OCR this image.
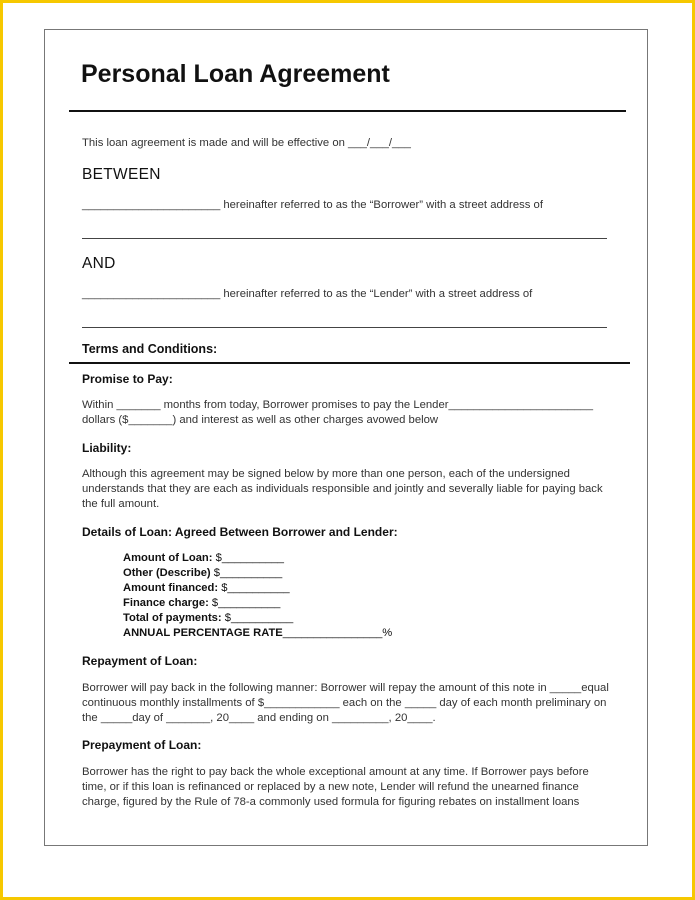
Personal Loan Agreement
This loan agreement is made and will be effective on ___/___/___
BETWEEN
______________________ hereinafter referred to as the “Borrower” with a street address of
AND
______________________ hereinafter referred to as the “Lender” with a street address of
Terms and Conditions:
Promise to Pay:
Within _______ months from today, Borrower promises to pay the Lender_______________________
dollars ($_______) and interest as well as other charges avowed below
Liability:
Although this agreement may be signed below by more than one person, each of the undersigned
understands that they are each as individuals responsible and jointly and severally liable for paying back
the full amount.
Details of Loan: Agreed Between Borrower and Lender:
Amount of Loan: $__________
Other (Describe) $__________
Amount financed: $__________
Finance charge: $__________
Total of payments: $__________
ANNUAL PERCENTAGE RATE________________%
Repayment of Loan:
Borrower will pay back in the following manner: Borrower will repay the amount of this note in _____equal
continuous monthly installments of $____________ each on the _____ day of each month preliminary on
the _____day of _______, 20____ and ending on _________, 20____.
Prepayment of Loan:
Borrower has the right to pay back the whole exceptional amount at any time. If Borrower pays before
time, or if this loan is refinanced or replaced by a new note, Lender will refund the unearned finance
charge, figured by the Rule of 78-a commonly used formula for figuring rebates on installment loans
